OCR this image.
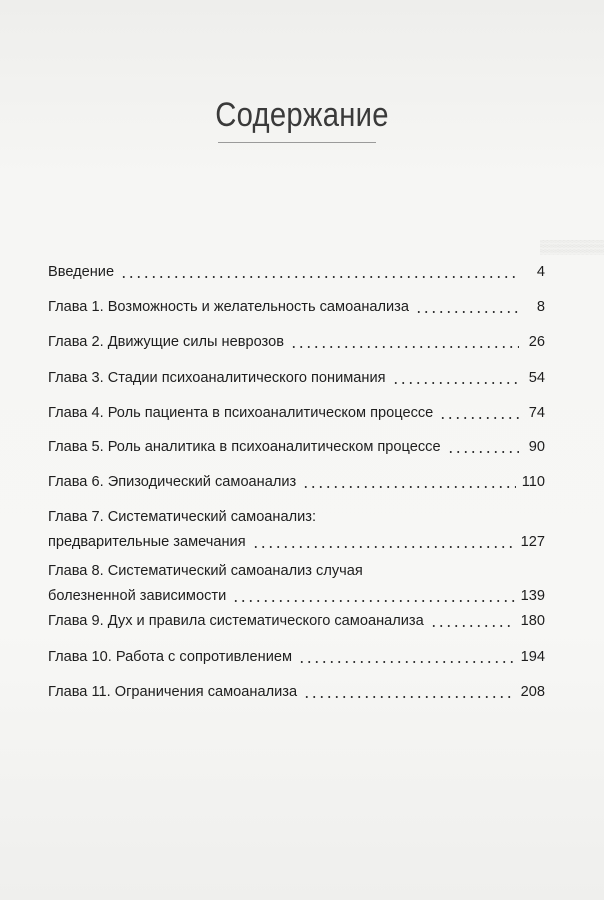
▒▒▒▒▒▒▒
Содержание
Введение	4
Глава 1. Возможность и желательность самоанализа	8
Глава 2. Движущие силы неврозов	26
Глава 3. Стадии психоаналитического понимания	54
Глава 4. Роль пациента в психоаналитическом процессе	74
Глава 5. Роль аналитика в психоаналитическом процессе	90
Глава 6. Эпизодический самоанализ	110
Глава 7. Систематический самоанализ:
предварительные замечания	127
Глава 8. Систематический самоанализ случая
болезненной зависимости	139
Глава 9. Дух и правила систематического самоанализа	180
Глава 10. Работа с сопротивлением	194
Глава 11. Ограничения самоанализа	208
